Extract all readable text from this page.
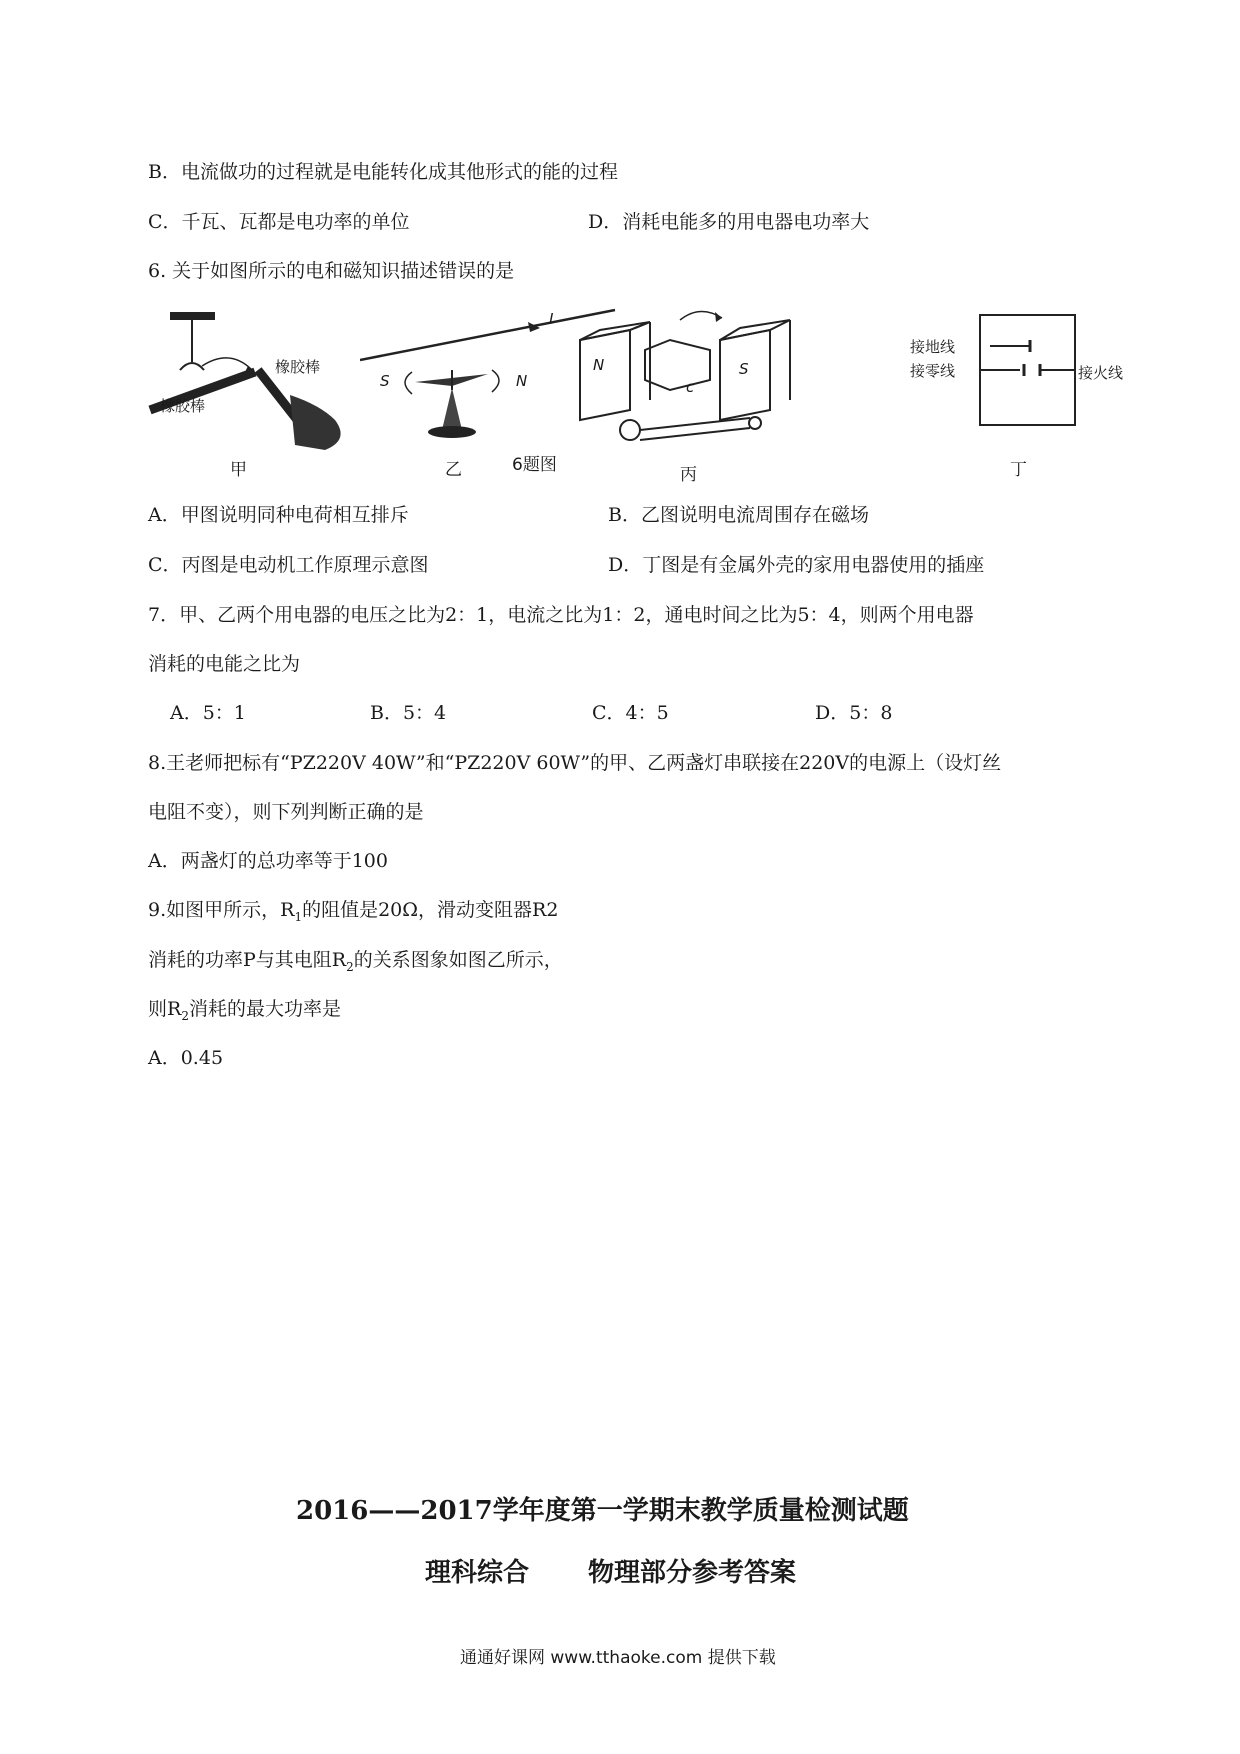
B．电流做功的过程就是电能转化成其他形式的能的过程
C．千瓦、瓦都是电功率的单位	D．消耗电能多的用电器电功率大
6. 关于如图所示的电和磁知识描述错误的是
橡胶棒
橡胶棒
甲
I
S	N
乙	6题图
N	S
c
丙
接地线
接零线	接火线
丁
A．甲图说明同种电荷相互排斥	B．乙图说明电流周围存在磁场
C．丙图是电动机工作原理示意图	D．丁图是有金属外壳的家用电器使用的插座
7．甲、乙两个用电器的电压之比为2：1，电流之比为1：2，通电时间之比为5：4，则两个用电器
消耗的电能之比为
A．5：1	B．5：4	C．4：5	D．5：8
8.王老师把标有“PZ220V 40W”和“PZ220V 60W”的甲、乙两盏灯串联接在220V的电源上（设灯丝
电阻不变），则下列判断正确的是
A．两盏灯的总功率等于100
9.如图甲所示，$R_1$的阻值是20Ω，滑动变阻器R2
消耗的功率P与其电阻$R_2$的关系图象如图乙所示，
则$R_2$消耗的最大功率是
A．0.45
2016——2017学年度第一学期末教学质量检测试题
理科综合 物理部分参考答案
通通好课网 www.tthaoke.com 提供下载
